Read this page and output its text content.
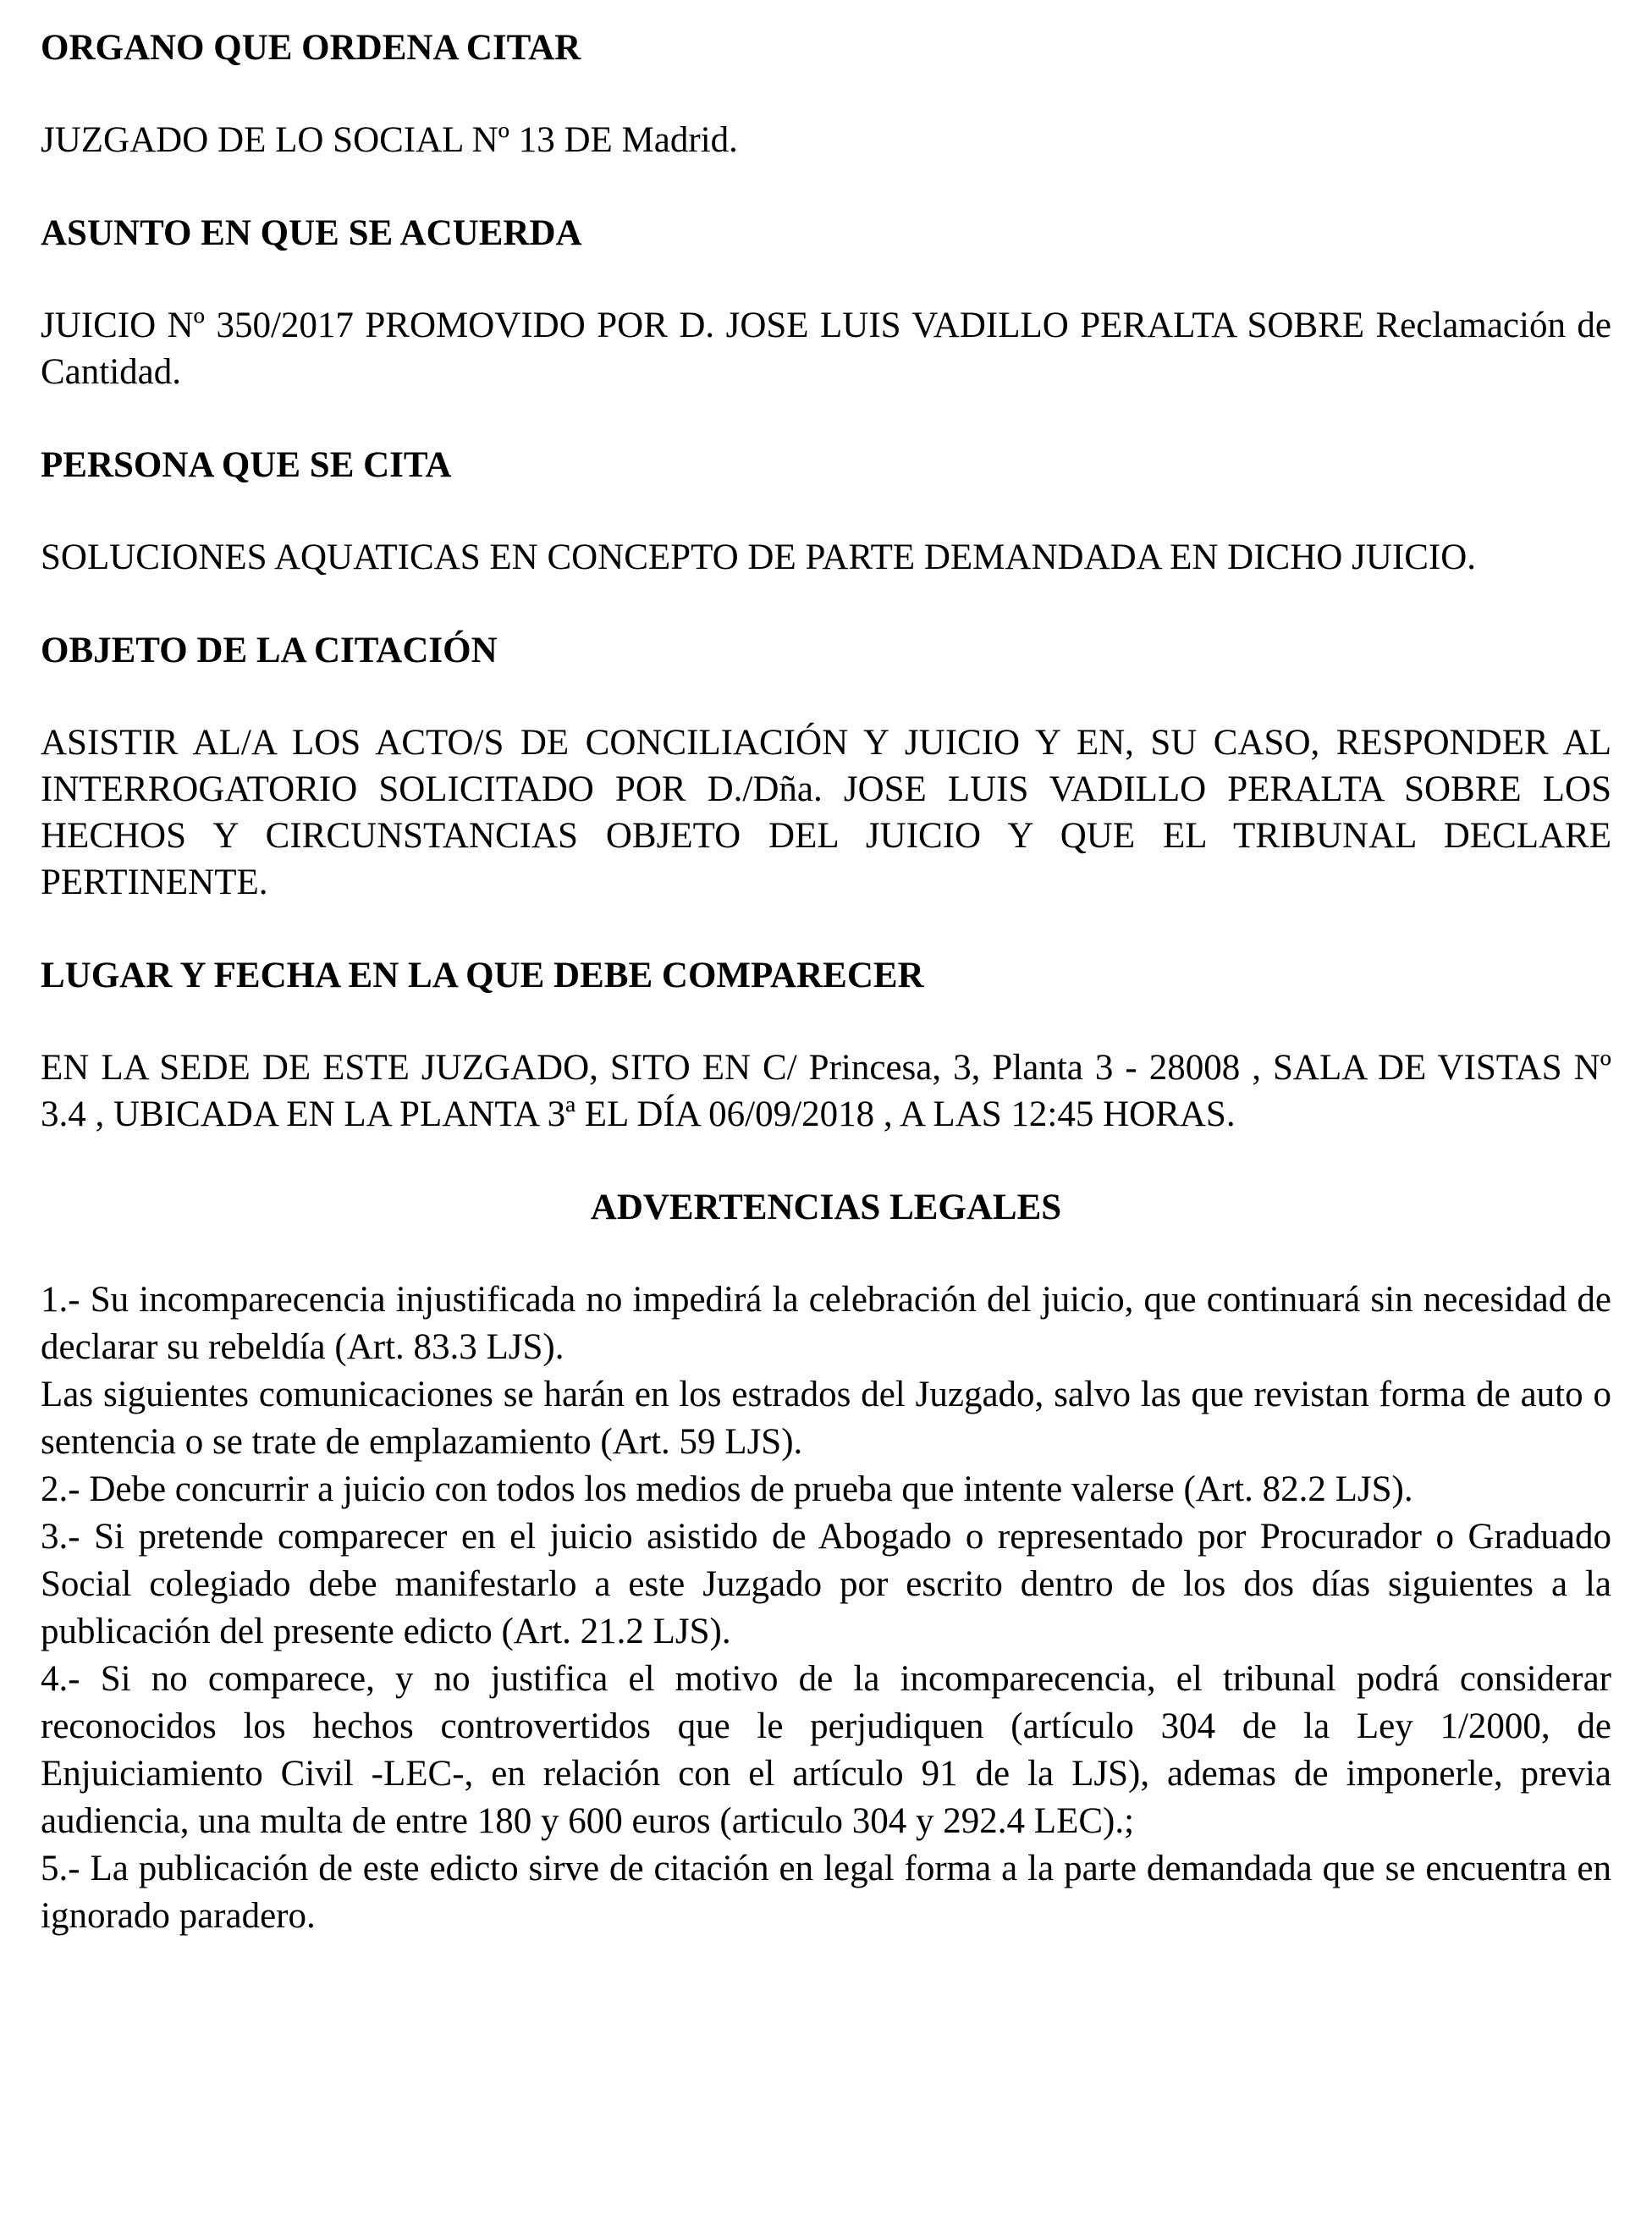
ORGANO QUE ORDENA CITAR

JUZGADO DE LO SOCIAL Nº 13 DE Madrid.

ASUNTO EN QUE SE ACUERDA

JUICIO Nº 350/2017 PROMOVIDO POR D. JOSE LUIS VADILLO PERALTA SOBRE Reclamación de Cantidad.

PERSONA QUE SE CITA

SOLUCIONES AQUATICAS EN CONCEPTO DE PARTE DEMANDADA EN DICHO JUICIO.

OBJETO DE LA CITACIÓN

ASISTIR AL/A LOS ACTO/S DE CONCILIACIÓN Y JUICIO Y EN, SU CASO, RESPONDER AL INTERROGATORIO SOLICITADO POR D./Dña. JOSE LUIS VADILLO PERALTA SOBRE LOS HECHOS Y CIRCUNSTANCIAS OBJETO DEL JUICIO Y QUE EL TRIBUNAL DECLARE PERTINENTE.

LUGAR Y FECHA EN LA QUE DEBE COMPARECER

EN LA SEDE DE ESTE JUZGADO, SITO EN C/ Princesa, 3, Planta 3 - 28008 , SALA DE VISTAS Nº 3.4 , UBICADA EN LA PLANTA 3ª EL DÍA 06/09/2018 , A LAS 12:45 HORAS.

ADVERTENCIAS LEGALES

1.- Su incomparecencia injustificada no impedirá la celebración del juicio, que continuará sin necesidad de declarar su rebeldía (Art. 83.3 LJS).

Las siguientes comunicaciones se harán en los estrados del Juzgado, salvo las que revistan forma de auto o sentencia o se trate de emplazamiento (Art. 59 LJS).

2.- Debe concurrir a juicio con todos los medios de prueba que intente valerse (Art. 82.2 LJS).

3.- Si pretende comparecer en el juicio asistido de Abogado o representado por Procurador o Graduado Social colegiado debe manifestarlo a este Juzgado por escrito dentro de los dos días siguientes a la publicación del presente edicto (Art. 21.2 LJS).

4.- Si no comparece, y no justifica el motivo de la incomparecencia, el tribunal podrá considerar reconocidos los hechos controvertidos que le perjudiquen (artículo 304 de la Ley 1/2000, de Enjuiciamiento Civil -LEC-, en relación con el artículo 91 de la LJS), ademas de imponerle, previa audiencia, una multa de entre 180 y 600 euros (articulo 304 y 292.4 LEC).;

5.- La publicación de este edicto sirve de citación en legal forma a la parte demandada que se encuentra en ignorado paradero.
